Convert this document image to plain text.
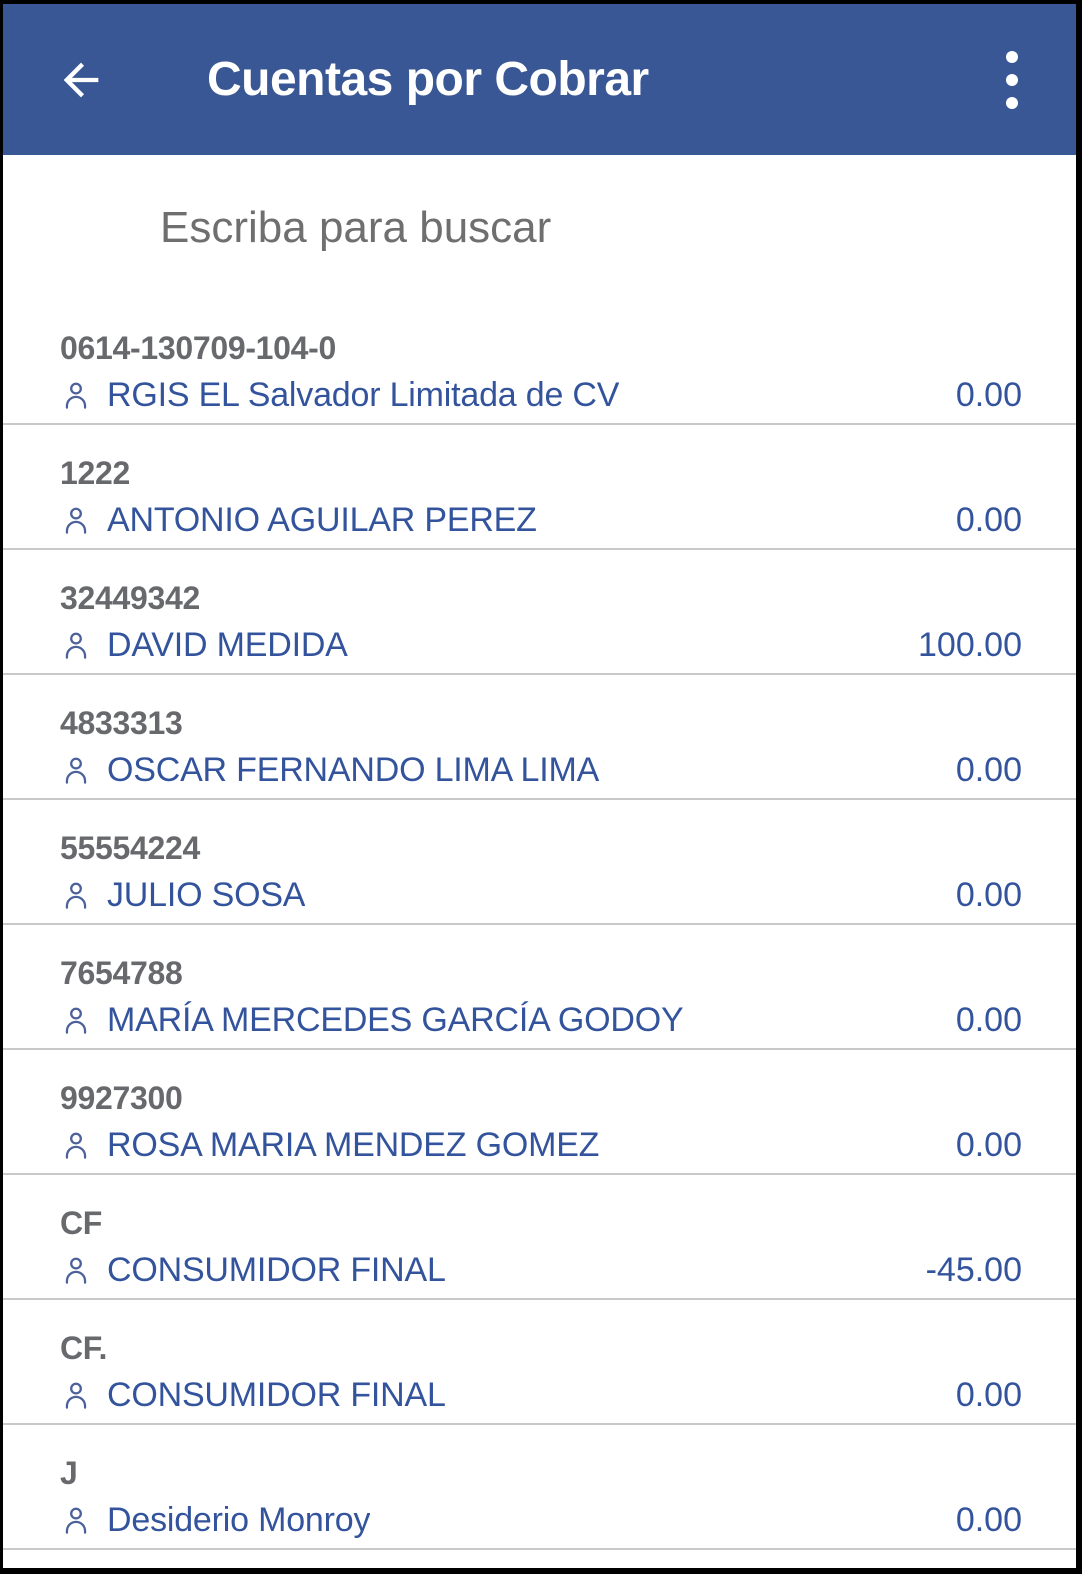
Cuentas por Cobrar
Escriba para buscar
0614-130709-104-0
RGIS EL Salvador Limitada de CV	0.00
1222
ANTONIO AGUILAR PEREZ	0.00
32449342
DAVID MEDIDA	100.00
4833313
OSCAR FERNANDO LIMA LIMA	0.00
55554224
JULIO SOSA	0.00
7654788
MARÍA MERCEDES GARCÍA GODOY	0.00
9927300
ROSA MARIA MENDEZ GOMEZ	0.00
CF
CONSUMIDOR FINAL	-45.00
CF.
CONSUMIDOR FINAL	0.00
J
Desiderio Monroy	0.00
